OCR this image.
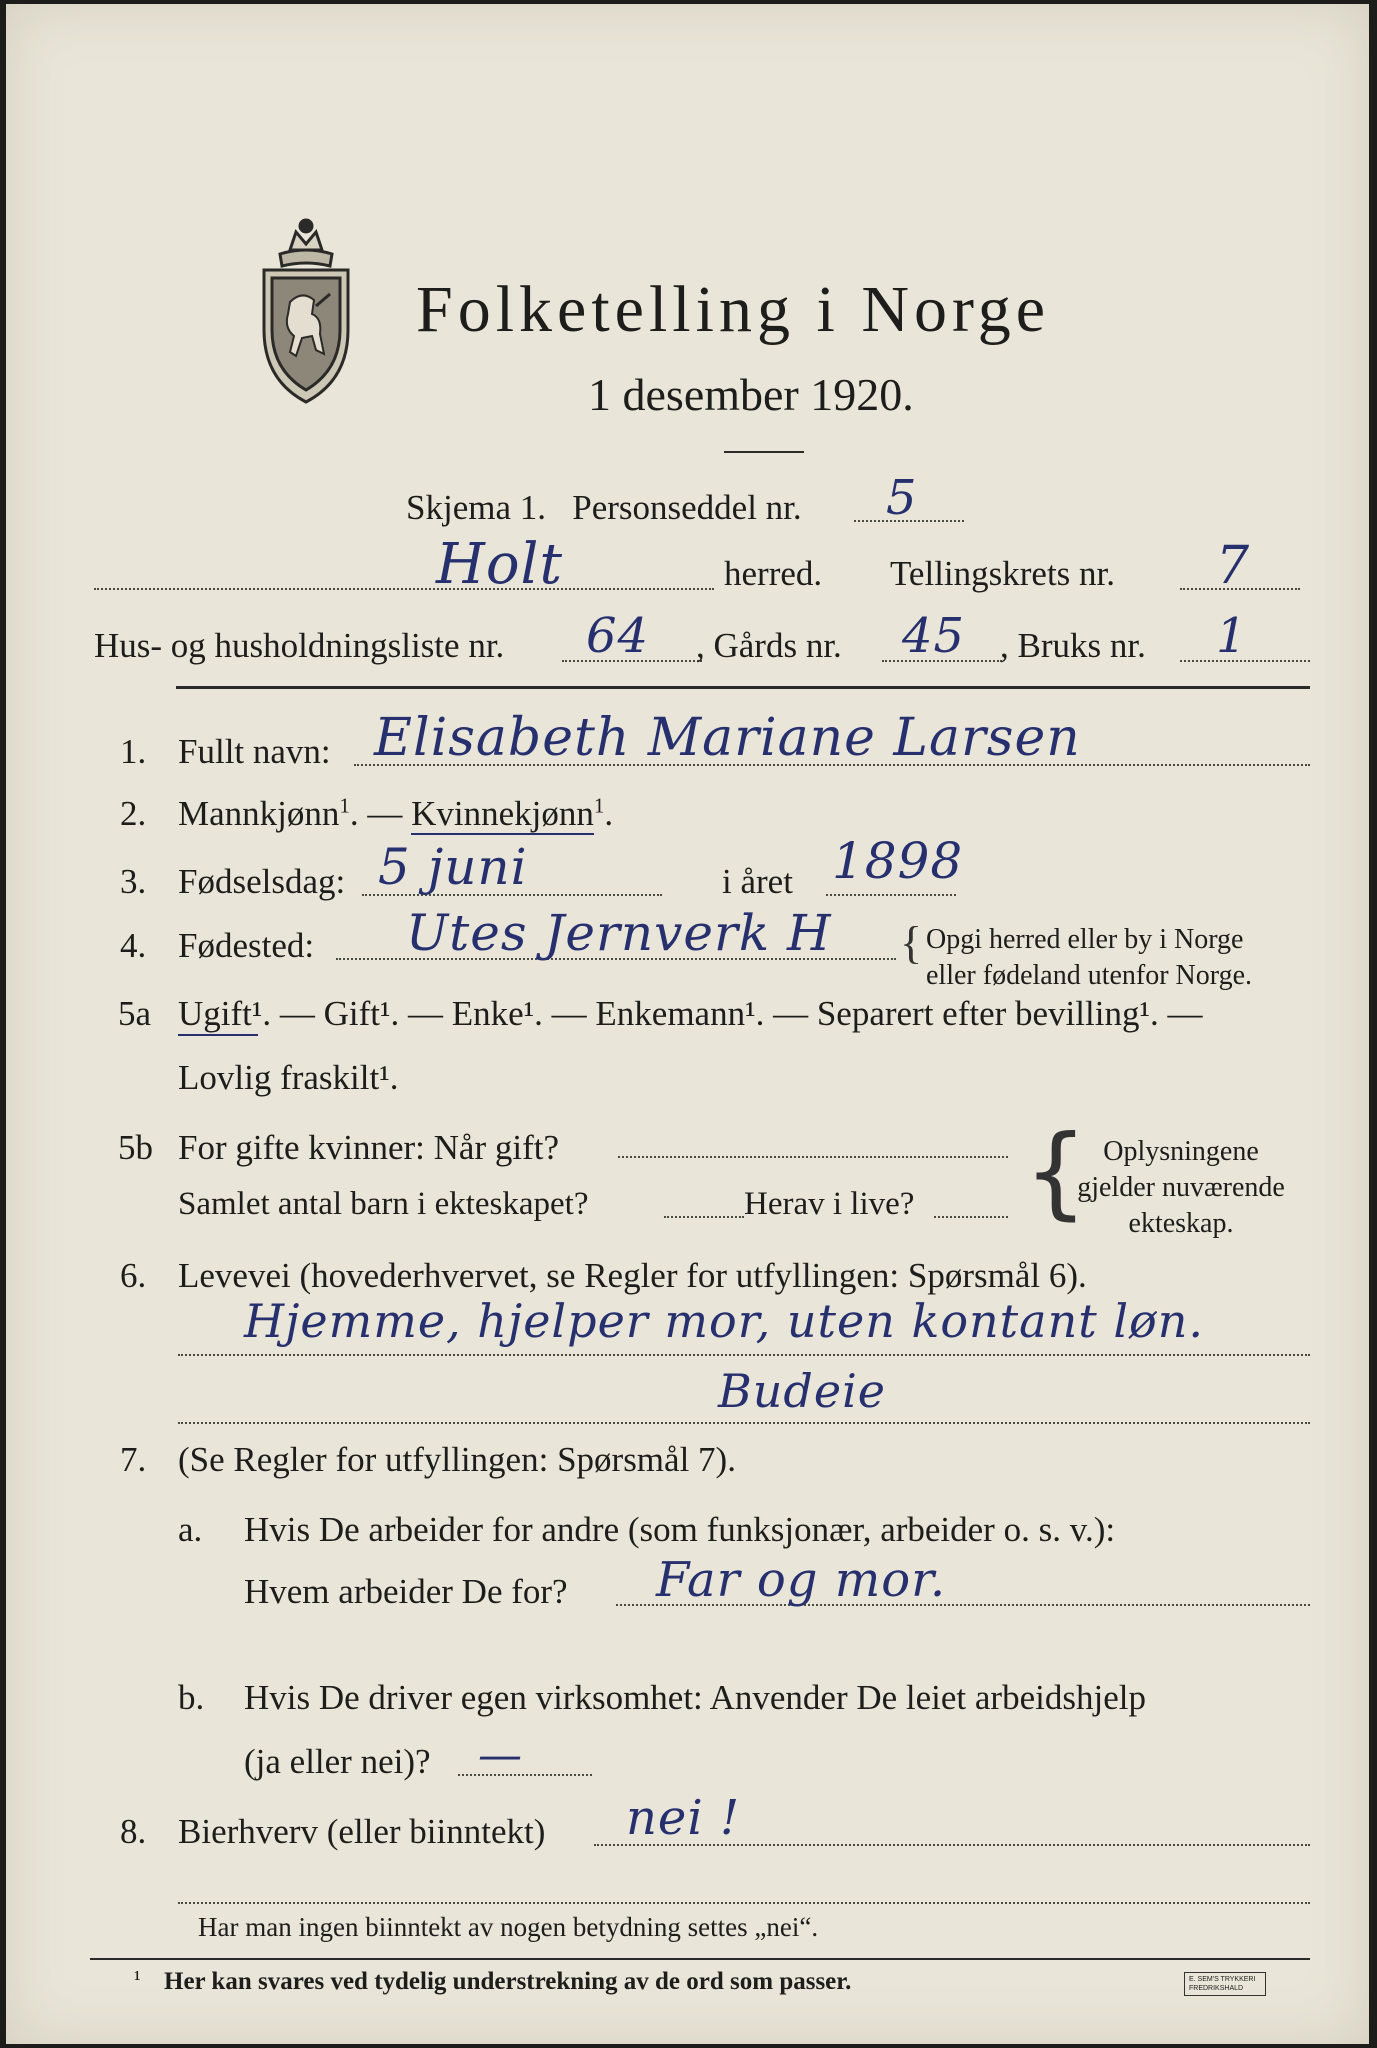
Folketelling i Norge
1 desember 1920.
Skjema 1. Personseddel nr. 5
Holt	herred. Tellingskrets nr. 7
Hus- og husholdningsliste nr. 64 , Gårds nr. 45 , Bruks nr. 1
1. Fullt navn: Elisabeth Mariane Larsen
2. Mannkjønn$^1$. — Kvinnekjønn$^1$.
3. Fødselsdag: 5 juni	i året 1898
4. Fødested: Utes Jernverk H { Opgi herred eller by i Norge
eller fødeland utenfor Norge.
5a Ugift¹. — Gift¹. — Enke¹. — Enkemann¹. — Separert efter bevilling¹. —
Lovlig fraskilt¹.
5b For gifte kvinner: Når gift?
Samlet antal barn i ekteskapet?	Herav i live? { Oplysningene
gjelder nuværende
ekteskap.
6. Levevei (hovederhvervet, se Regler for utfyllingen: Spørsmål 6).
Hjemme, hjelper mor, uten kontant løn.
Budeie
7. (Se Regler for utfyllingen: Spørsmål 7).
a. Hvis De arbeider for andre (som funksjonær, arbeider o. s. v.):
Hvem arbeider De for? Far og mor.
b. Hvis De driver egen virksomhet: Anvender De leiet arbeidshjelp
(ja eller nei)? —
8. Bierhverv (eller biinntekt) nei !
Har man ingen biinntekt av nogen betydning settes „nei“.
¹ Her kan svares ved tydelig understrekning av de ord som passer.	E. SEM'S TRYKKERI FREDRIKSHALD
